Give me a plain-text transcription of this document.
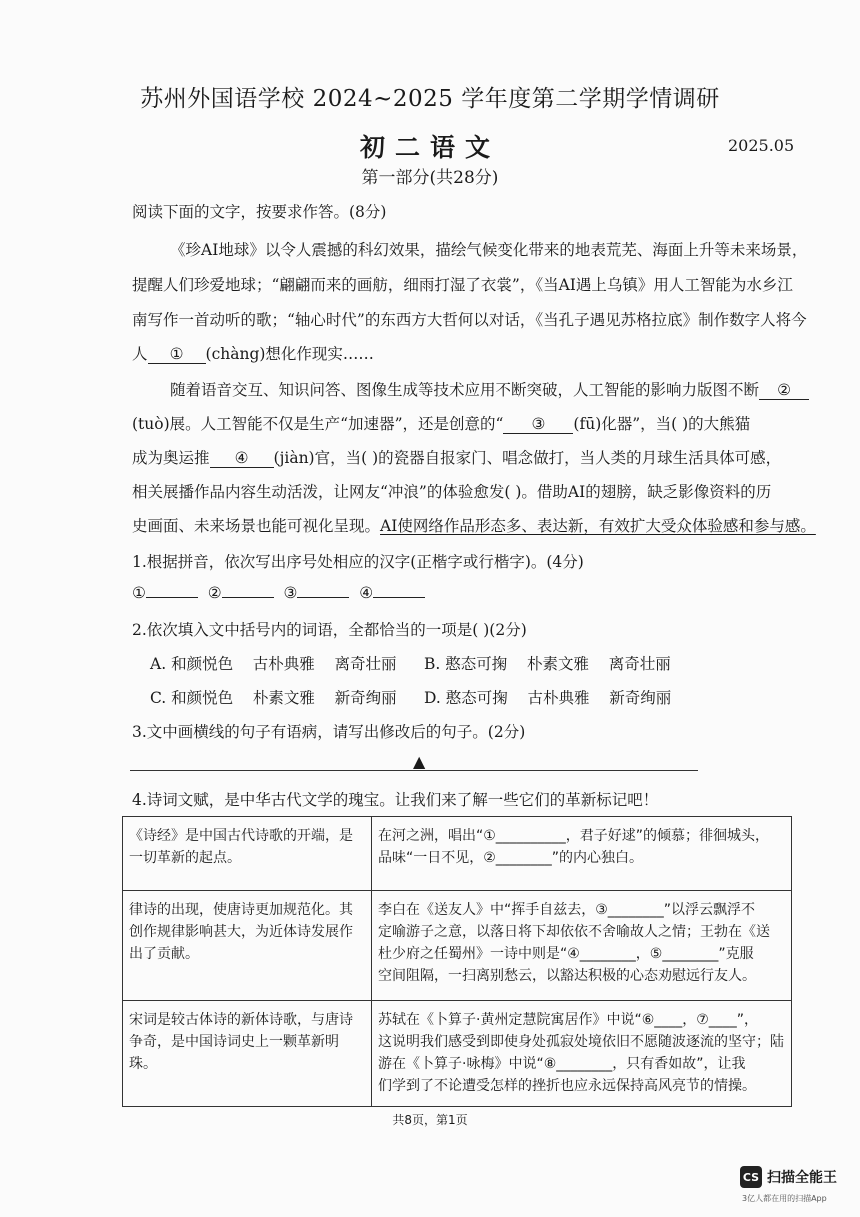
苏州外国语学校 2024~2025 学年度第二学期学情调研
初二语文	2025.05
第一部分(共28分)
阅读下面的文字，按要求作答。(8分)
《珍AI地球》以令人震撼的科幻效果，描绘气候变化带来的地表荒芜、海面上升等未来场景，
提醒人们珍爱地球；“翩翩而来的画舫，细雨打湿了衣裳”，《当AI遇上乌镇》用人工智能为水乡江
南写作一首动听的歌；“轴心时代”的东西方大哲何以对话，《当孔子遇见苏格拉底》制作数字人将今
人 ① (chàng)想化作现实……
随着语音交互、知识问答、图像生成等技术应用不断突破，人工智能的影响力版图不断 ②
(tuò)展。人工智能不仅是生产“加速器”，还是创意的“ ③ (fū)化器”，当( )的大熊猫
成为奥运推 ④ (jiàn)官，当( )的瓷器自报家门、唱念做打，当人类的月球生活具体可感，
相关展播作品内容生动活泼，让网友“冲浪”的体验愈发( )。借助AI的翅膀，缺乏影像资料的历
史画面、未来场景也能可视化呈现。AI使网络作品形态多、表达新，有效扩大受众体验感和参与感。
1.根据拼音，依次写出序号处相应的汉字(正楷字或行楷字)。(4分)
①	②	③	④
2.依次填入文中括号内的词语，全都恰当的一项是( )(2分)
A. 和颜悦色 古朴典雅 离奇壮丽 B. 憨态可掬 朴素文雅 离奇壮丽
C. 和颜悦色 朴素文雅 新奇绚丽 D. 憨态可掬 古朴典雅 新奇绚丽
3.文中画横线的句子有语病，请写出修改后的句子。(2分)
▲
4.诗词文赋，是中华古代文学的瑰宝。让我们来了解一些它们的革新标记吧！
《诗经》是中国古代诗歌的开端，是一切革新的起点。	在河之洲，唱出“①__________，君子好逑”的倾慕；徘徊城头，
品味“一日不见，②________”的内心独白。

律诗的出现，使唐诗更加规范化。其创作规律影响甚大，为近体诗发展作出了贡献。	李白在《送友人》中“挥手自兹去，③________”以浮云飘浮不
定喻游子之意，以落日将下却依依不舍喻故人之情；王勃在《送
杜少府之任蜀州》一诗中则是“④________，⑤________”克服
空间阻隔，一扫离别愁云，以豁达积极的心态劝慰远行友人。

宋词是较古体诗的新体诗歌，与唐诗争奇，是中国诗词史上一颗革新明珠。	苏轼在《卜算子·黄州定慧院寓居作》中说“⑥____，⑦____”，
这说明我们感受到即使身处孤寂处境依旧不愿随波逐流的坚守；陆
游在《卜算子·咏梅》中说“⑧________，只有香如故”，让我
们学到了不论遭受怎样的挫折也应永远保持高风亮节的情操。
共8页，第1页
CS 扫描全能王
3亿人都在用的扫描App
